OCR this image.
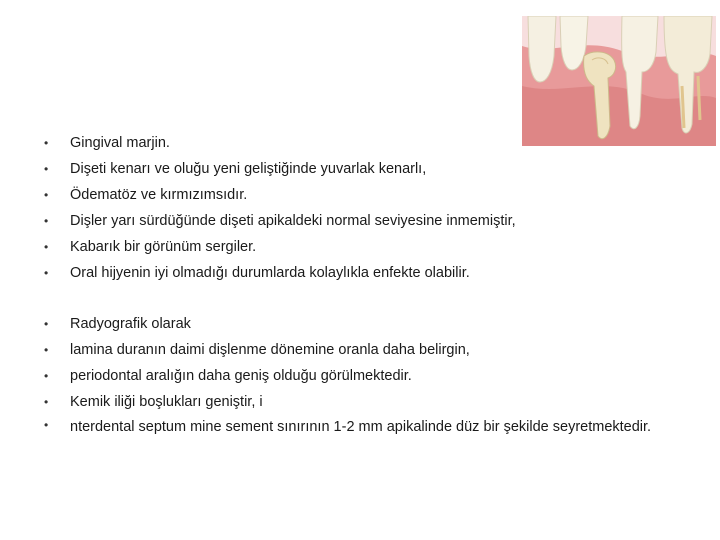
• Gingival marjin.
• Dişeti kenarı ve oluğu yeni geliştiğinde yuvarlak kenarlı,
• Ödematöz ve kırmızımsıdır.
• Dişler yarı sürdüğünde dişeti apikaldeki normal seviyesine inmemiştir,
• Kabarık bir görünüm sergiler.
• Oral hijyenin iyi olmadığı durumlarda kolaylıkla enfekte olabilir.
• Radyografik olarak
• lamina duranın daimi dişlenme dönemine oranla daha belirgin,
• periodontal aralığın daha geniş olduğu görülmektedir.
• Kemik iliği boşlukları geniştir, i
• nterdental septum mine sement sınırının 1-2 mm apikalinde düz bir şekilde seyretmektedir.
